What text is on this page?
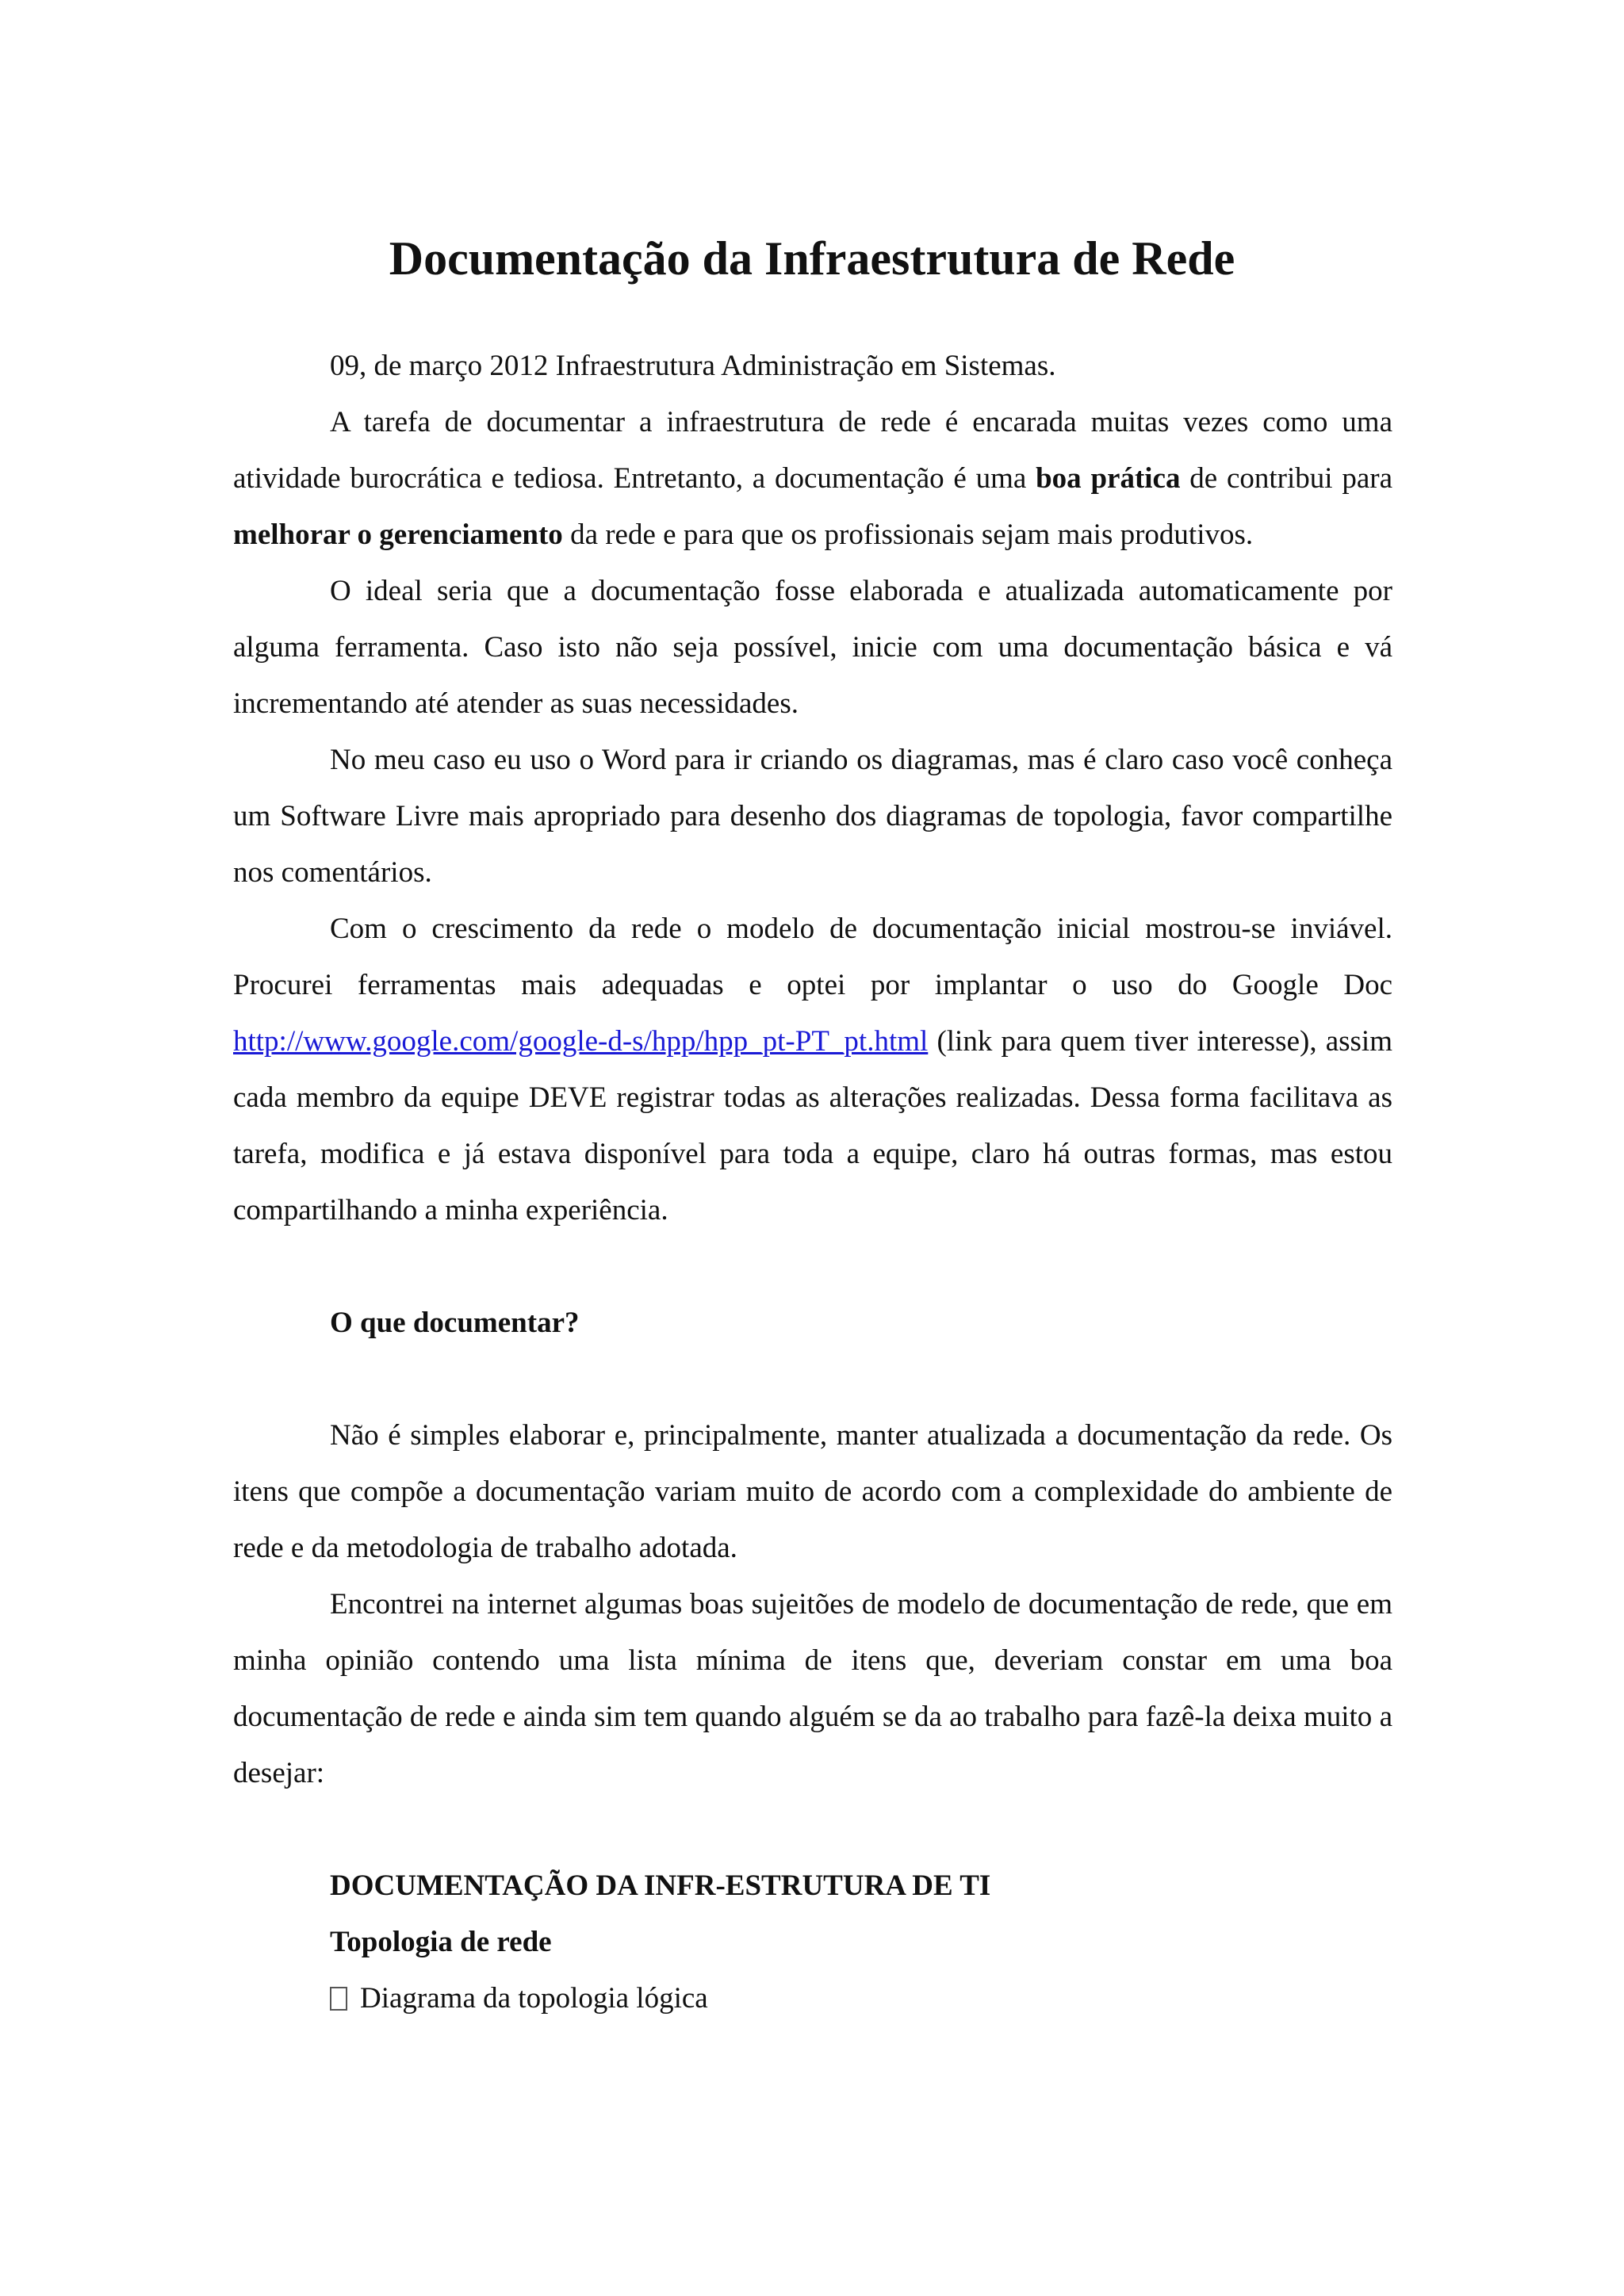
Documentação da Infraestrutura de Rede

09, de março 2012 Infraestrutura Administração em Sistemas.

A tarefa de documentar a infraestrutura de rede é encarada muitas vezes como uma atividade burocrática e tediosa. Entretanto, a documentação é uma boa prática de contribui para melhorar o gerenciamento da rede e para que os profissionais sejam mais produtivos.

O ideal seria que a documentação fosse elaborada e atualizada automaticamente por alguma ferramenta. Caso isto não seja possível, inicie com uma documentação básica e vá incrementando até atender as suas necessidades.

No meu caso eu uso o Word para ir criando os diagramas, mas é claro caso você conheça um Software Livre mais apropriado para desenho dos diagramas de topologia, favor compartilhe nos comentários.

Com o crescimento da rede o modelo de documentação inicial mostrou-se inviável. Procurei ferramentas mais adequadas e optei por implantar o uso do Google Doc http://www.google.com/google-d-s/hpp/hpp_pt-PT_pt.html (link para quem tiver interesse), assim cada membro da equipe DEVE registrar todas as alterações realizadas. Dessa forma facilitava as tarefa, modifica e já estava disponível para toda a equipe, claro há outras formas, mas estou compartilhando a minha experiência.

O que documentar?

Não é simples elaborar e, principalmente, manter atualizada a documentação da rede. Os itens que compõe a documentação variam muito de acordo com a complexidade do ambiente de rede e da metodologia de trabalho adotada.

Encontrei na internet algumas boas sujeitões de modelo de documentação de rede, que em minha opinião contendo uma lista mínima de itens que, deveriam constar em uma boa documentação de rede e ainda sim tem quando alguém se da ao trabalho para fazê-la deixa muito a desejar:

DOCUMENTAÇÃO DA INFR-ESTRUTURA DE TI

Topologia de rede

Diagrama da topologia lógica
